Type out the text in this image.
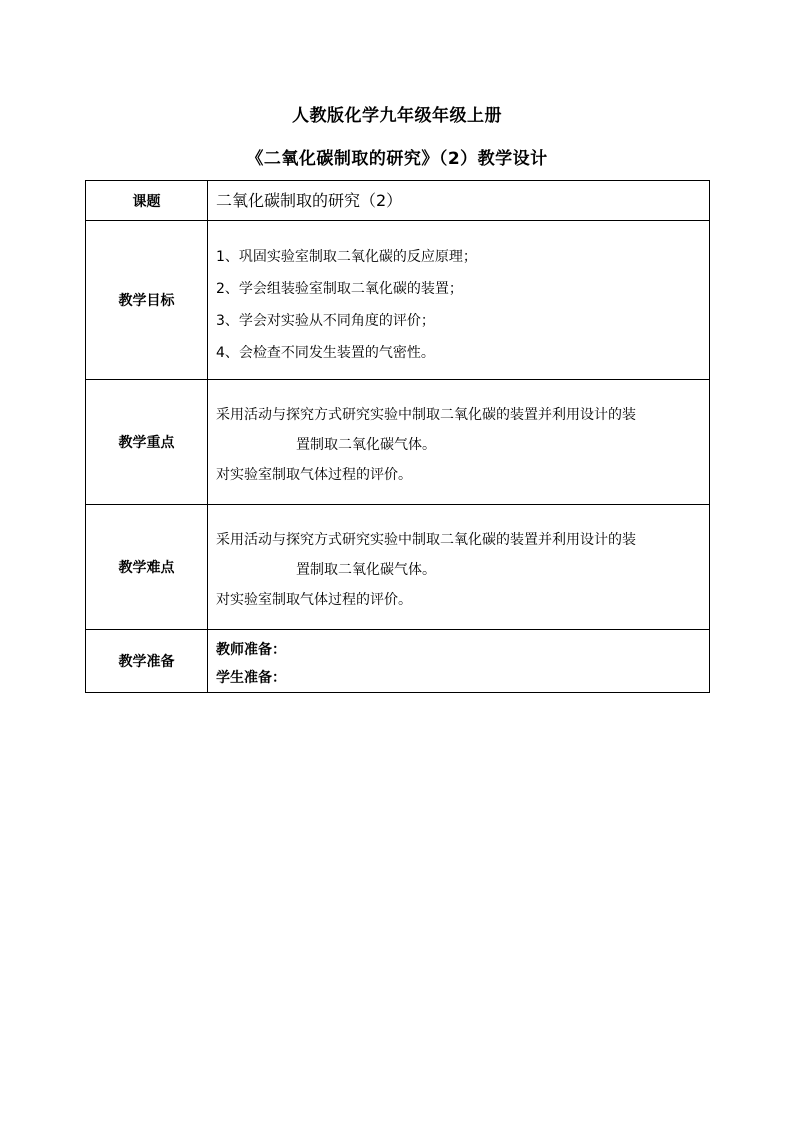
人教版化学九年级年级上册
《二氧化碳制取的研究》（2）教学设计
课题	二氧化碳制取的研究（2）

教学目标	1、巩固实验室制取二氧化碳的反应原理；
2、学会组装验室制取二氧化碳的装置；
3、学会对实验从不同角度的评价；
4、会检查不同发生装置的气密性。

教学重点	采用活动与探究方式研究实验中制取二氧化碳的装置并利用设计的装
置制取二氧化碳气体。
对实验室制取气体过程的评价。

教学难点	采用活动与探究方式研究实验中制取二氧化碳的装置并利用设计的装
置制取二氧化碳气体。
对实验室制取气体过程的评价。

教学准备	教师准备：
学生准备：
